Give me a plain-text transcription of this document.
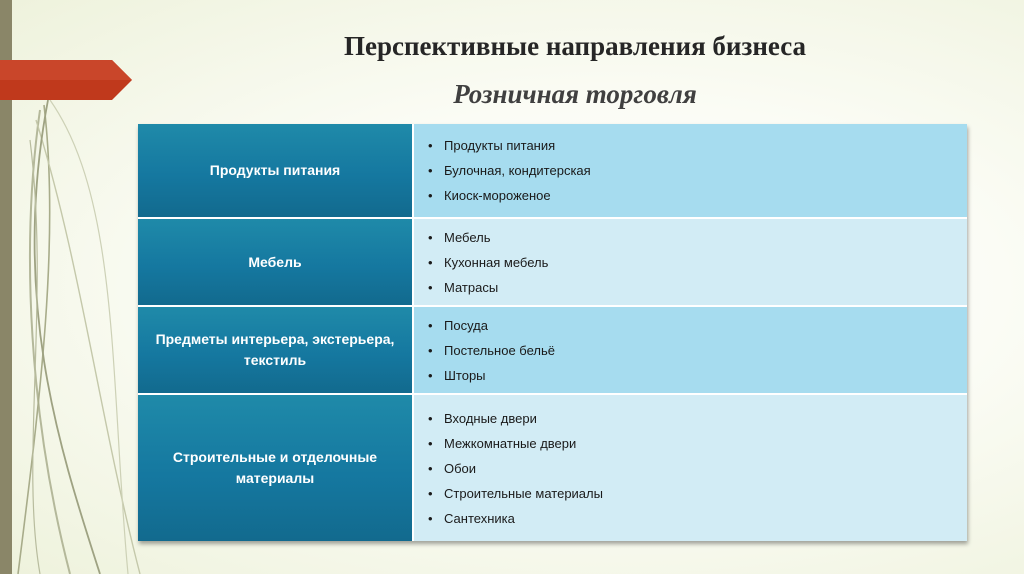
Перспективные направления бизнеса
Розничная торговля
Продукты питания
• Продукты питания
• Булочная, кондитерская
• Киоск-мороженое
Мебель
• Мебель
• Кухонная мебель
• Матрасы
Предметы интерьера, экстерьера, текстиль
• Посуда
• Постельное бельё
• Шторы
Строительные и отделочные материалы
• Входные двери
• Межкомнатные двери
• Обои
• Строительные материалы
• Сантехника
